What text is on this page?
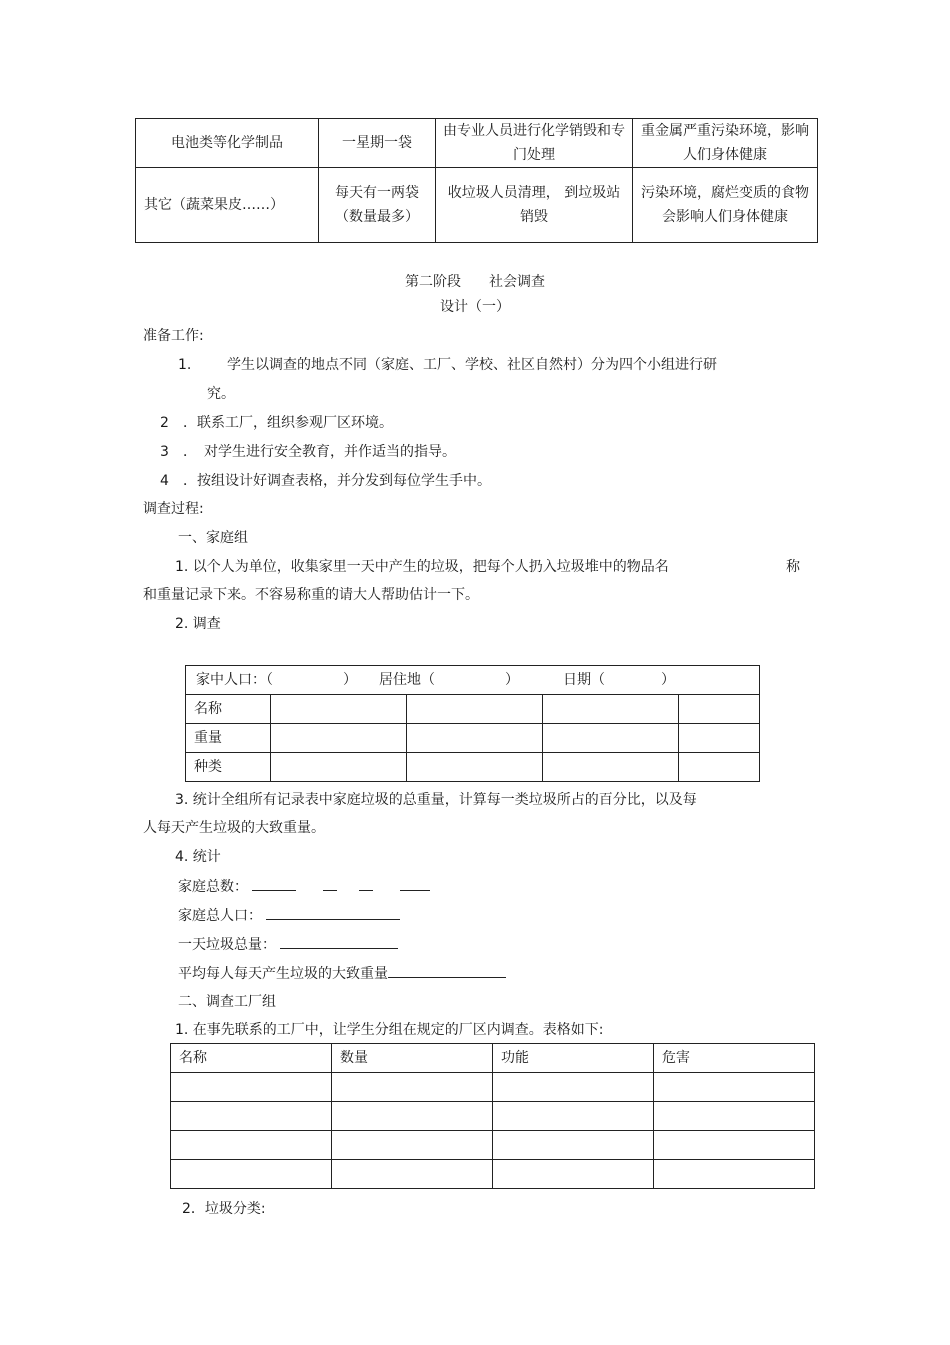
电池类等化学制品	一星期一袋	由专业人员进行化学销毁和专门处理	重金属严重污染环境，影响人们身体健康
其它（蔬菜果皮……）	每天有一两袋（数量最多）	收垃圾人员清理， 到垃圾站销毁	污染环境，腐烂变质的食物会影响人们身体健康
第二阶段　　社会调查
设计（一）
准备工作:
1.	学生以调查的地点不同（家庭、工厂、学校、社区自然村）分为四个小组进行研
究。
2 ．联系工厂，组织参观厂区环境。
3 ．　对学生进行安全教育，并作适当的指导。
4 ．按组设计好调查表格，并分发到每位学生手中。
调查过程:
一、家庭组
1. 以个人为单位，收集家里一天中产生的垃圾，把每个人扔入垃圾堆中的物品名	称
和重量记录下来。不容易称重的请大人帮助估计一下。
2. 调查
家中人口：（　　　　　） 居住地（　　　　　） 日期（　　　　）				
名称				
重量				
种类				
3. 统计全组所有记录表中家庭垃圾的总重量，计算每一类垃圾所占的百分比，以及每
人每天产生垃圾的大致重量。
4. 统计
家庭总数：
家庭总人口：
一天垃圾总量：
平均每人每天产生垃圾的大致重量
二、调查工厂组
1. 在事先联系的工厂中，让学生分组在规定的厂区内调查。表格如下:
名称	数量	功能	危害

2．垃圾分类:
